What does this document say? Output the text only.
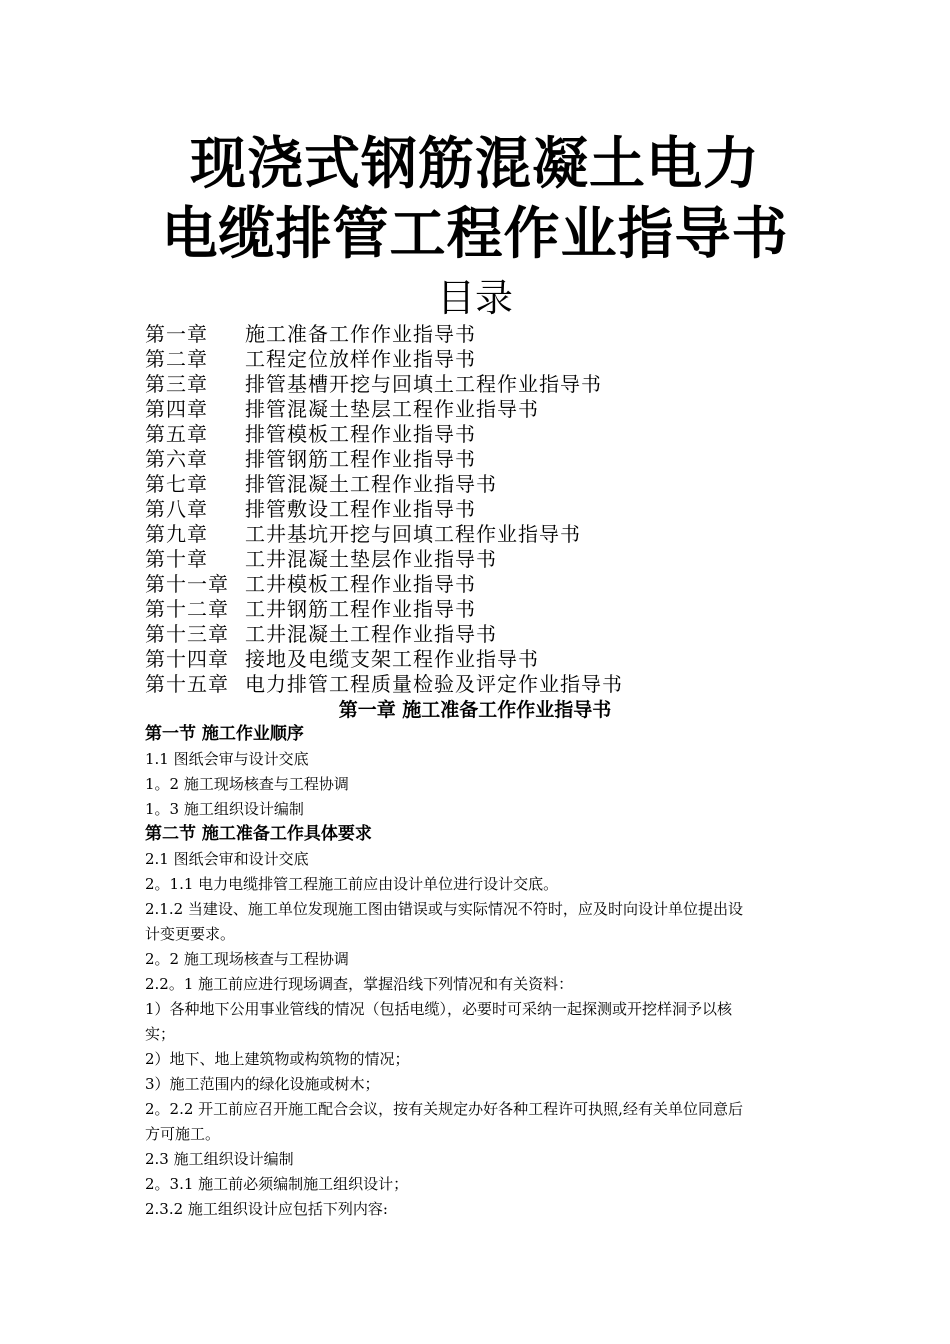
现浇式钢筋混凝土电力
电缆排管工程作业指导书
目录
第一章 施工准备工作作业指导书
第二章 工程定位放样作业指导书
第三章 排管基槽开挖与回填土工程作业指导书
第四章 排管混凝土垫层工程作业指导书
第五章 排管模板工程作业指导书
第六章 排管钢筋工程作业指导书
第七章 排管混凝土工程作业指导书
第八章 排管敷设工程作业指导书
第九章 工井基坑开挖与回填工程作业指导书
第十章 工井混凝土垫层作业指导书
第十一章 工井模板工程作业指导书
第十二章 工井钢筋工程作业指导书
第十三章 工井混凝土工程作业指导书
第十四章 接地及电缆支架工程作业指导书
第十五章 电力排管工程质量检验及评定作业指导书
第一章 施工准备工作作业指导书
第一节 施工作业顺序
1.1 图纸会审与设计交底
1。2 施工现场核查与工程协调
1。3 施工组织设计编制
第二节 施工准备工作具体要求
2.1 图纸会审和设计交底
2。1.1 电力电缆排管工程施工前应由设计单位进行设计交底。
2.1.2 当建设、施工单位发现施工图由错误或与实际情况不符时，应及时向设计单位提出设
计变更要求。
2。2 施工现场核查与工程协调
2.2。1 施工前应进行现场调查，掌握沿线下列情况和有关资料：
1）各种地下公用事业管线的情况（包括电缆），必要时可采纳一起探测或开挖样洞予以核
实；
2）地下、地上建筑物或构筑物的情况；
3）施工范围内的绿化设施或树木；
2。2.2 开工前应召开施工配合会议，按有关规定办好各种工程许可执照,经有关单位同意后
方可施工。
2.3 施工组织设计编制
2。3.1 施工前必须编制施工组织设计；
2.3.2 施工组织设计应包括下列内容:
